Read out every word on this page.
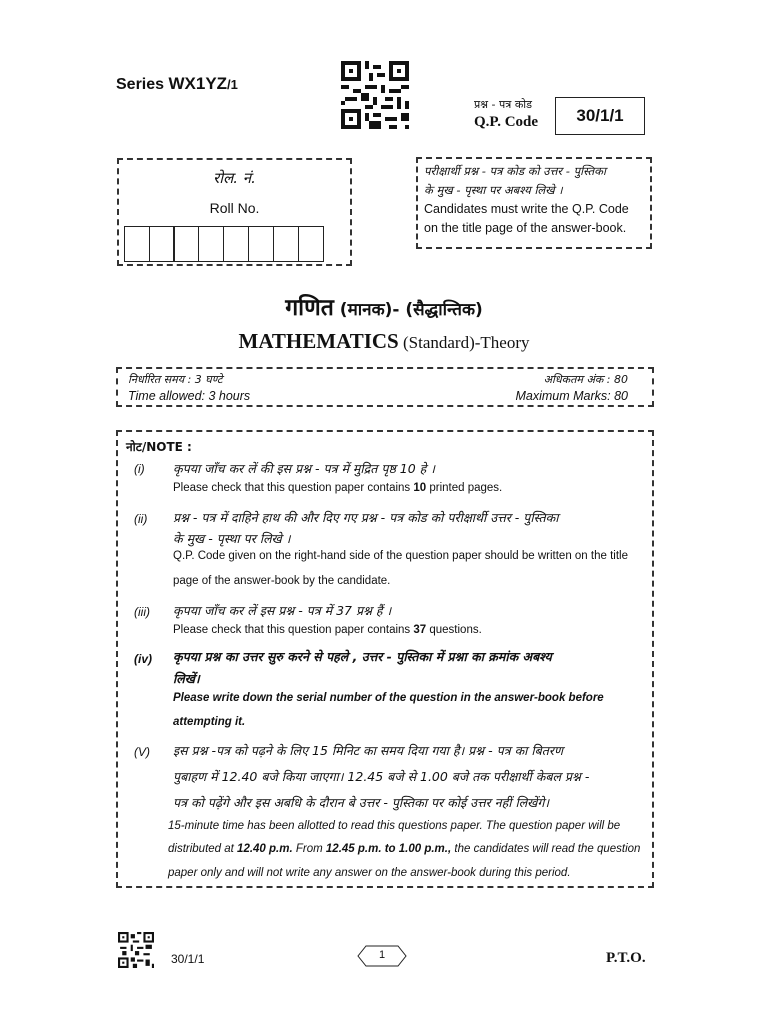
Series WX1YZ/1
प्रश्न - पत्र कोड
Q.P. Code	30/1/1
रोल. नं.
Roll No.
परीक्षार्थी प्रश्न - पत्र कोड को उत्तर - पुस्तिका
के मुख - पृस्था पर अबश्य लिखे ।
Candidates must write the Q.P. Code
on the title page of the answer-book.
गणित (मानक)- (सैद्धान्तिक)
MATHEMATICS (Standard)-Theory
निर्धारित समय : 3 घण्टे
Time allowed: 3 hours
अधिकतम अंक : 80
Maximum Marks: 80
नोट/NOTE :
(i) कृपया जाँच कर लें की इस प्रश्न - पत्र में मुद्रित पृष्ठ 10 हे ।
Please check that this question paper contains 10 printed pages.
(ii) प्रश्न - पत्र में दाहिने हाथ की और दिए गए प्रश्न - पत्र कोड को परीक्षार्थी उत्तर - पुस्तिका
के मुख - पृस्था पर लिखे ।
Q.P. Code given on the right-hand side of the question paper should be written on the title
page of the answer-book by the candidate.
(iii) कृपया जाँच कर लें इस प्रश्न - पत्र में 37 प्रश्न हैं ।
Please check that this question paper contains 37 questions.
(iv) कृपया प्रश्न का उत्तर सुरु करने से पहले , उत्तर - पुस्तिका में प्रश्ना का क्रमांक अबश्य
लिखें।
Please write down the serial number of the question in the answer-book before
attempting it.
(V) इस प्रश्न -पत्र को पढ़ने के लिए 15 मिनिट का समय दिया गया है। प्रश्न - पत्र का बितरण
पुबाहण में 12.40 बजे किया जाएगा। 12.45 बजे से 1.00 बजे तक परीक्षार्थी केबल प्रश्न -
पत्र को पढ़ेंगे और इस अबधि के दौरान बे उत्तर - पुस्तिका पर कोई उत्तर नहीं लिखेंगे।
15-minute time has been allotted to read this questions paper. The question paper will be
distributed at 12.40 p.m. From 12.45 p.m. to 1.00 p.m., the candidates will read the question
paper only and will not write any answer on the answer-book during this period.
30/1/1	1	P.T.O.
